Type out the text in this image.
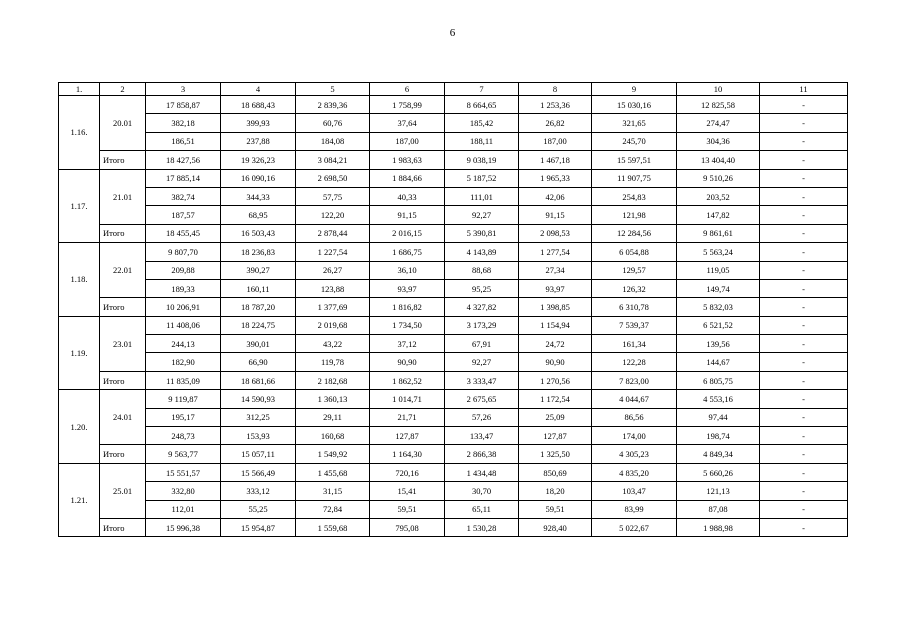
6
1.	2	3	4	5	6	7	8	9	10	11
1.16.	20.01	17 858,87	18 688,43	2 839,36	1 758,99	8 664,65	1 253,36	15 030,16	12 825,58	-
		382,18	399,93	60,76	37,64	185,42	26,82	321,65	274,47	-
		186,51	237,88	184,08	187,00	188,11	187,00	245,70	304,36	-
	Итого	18 427,56	19 326,23	3 084,21	1 983,63	9 038,19	1 467,18	15 597,51	13 404,40	-
1.17.	21.01	17 885,14	16 090,16	2 698,50	1 884,66	5 187,52	1 965,33	11 907,75	9 510,26	-
		382,74	344,33	57,75	40,33	111,01	42,06	254,83	203,52	-
		187,57	68,95	122,20	91,15	92,27	91,15	121,98	147,82	-
	Итого	18 455,45	16 503,43	2 878,44	2 016,15	5 390,81	2 098,53	12 284,56	9 861,61	-
1.18.	22.01	9 807,70	18 236,83	1 227,54	1 686,75	4 143,89	1 277,54	6 054,88	5 563,24	-
		209,88	390,27	26,27	36,10	88,68	27,34	129,57	119,05	-
		189,33	160,11	123,88	93,97	95,25	93,97	126,32	149,74	-
	Итого	10 206,91	18 787,20	1 377,69	1 816,82	4 327,82	1 398,85	6 310,78	5 832,03	-
1.19.	23.01	11 408,06	18 224,75	2 019,68	1 734,50	3 173,29	1 154,94	7 539,37	6 521,52	-
		244,13	390,01	43,22	37,12	67,91	24,72	161,34	139,56	-
		182,90	66,90	119,78	90,90	92,27	90,90	122,28	144,67	-
	Итого	11 835,09	18 681,66	2 182,68	1 862,52	3 333,47	1 270,56	7 823,00	6 805,75	-
1.20.	24.01	9 119,87	14 590,93	1 360,13	1 014,71	2 675,65	1 172,54	4 044,67	4 553,16	-
		195,17	312,25	29,11	21,71	57,26	25,09	86,56	97,44	-
		248,73	153,93	160,68	127,87	133,47	127,87	174,00	198,74	-
	Итого	9 563,77	15 057,11	1 549,92	1 164,30	2 866,38	1 325,50	4 305,23	4 849,34	-
1.21.	25.01	15 551,57	15 566,49	1 455,68	720,16	1 434,48	850,69	4 835,20	5 660,26	-
		332,80	333,12	31,15	15,41	30,70	18,20	103,47	121,13	-
		112,01	55,25	72,84	59,51	65,11	59,51	83,99	87,08	-
	Итого	15 996,38	15 954,87	1 559,68	795,08	1 530,28	928,40	5 022,67	1 988,98	-
